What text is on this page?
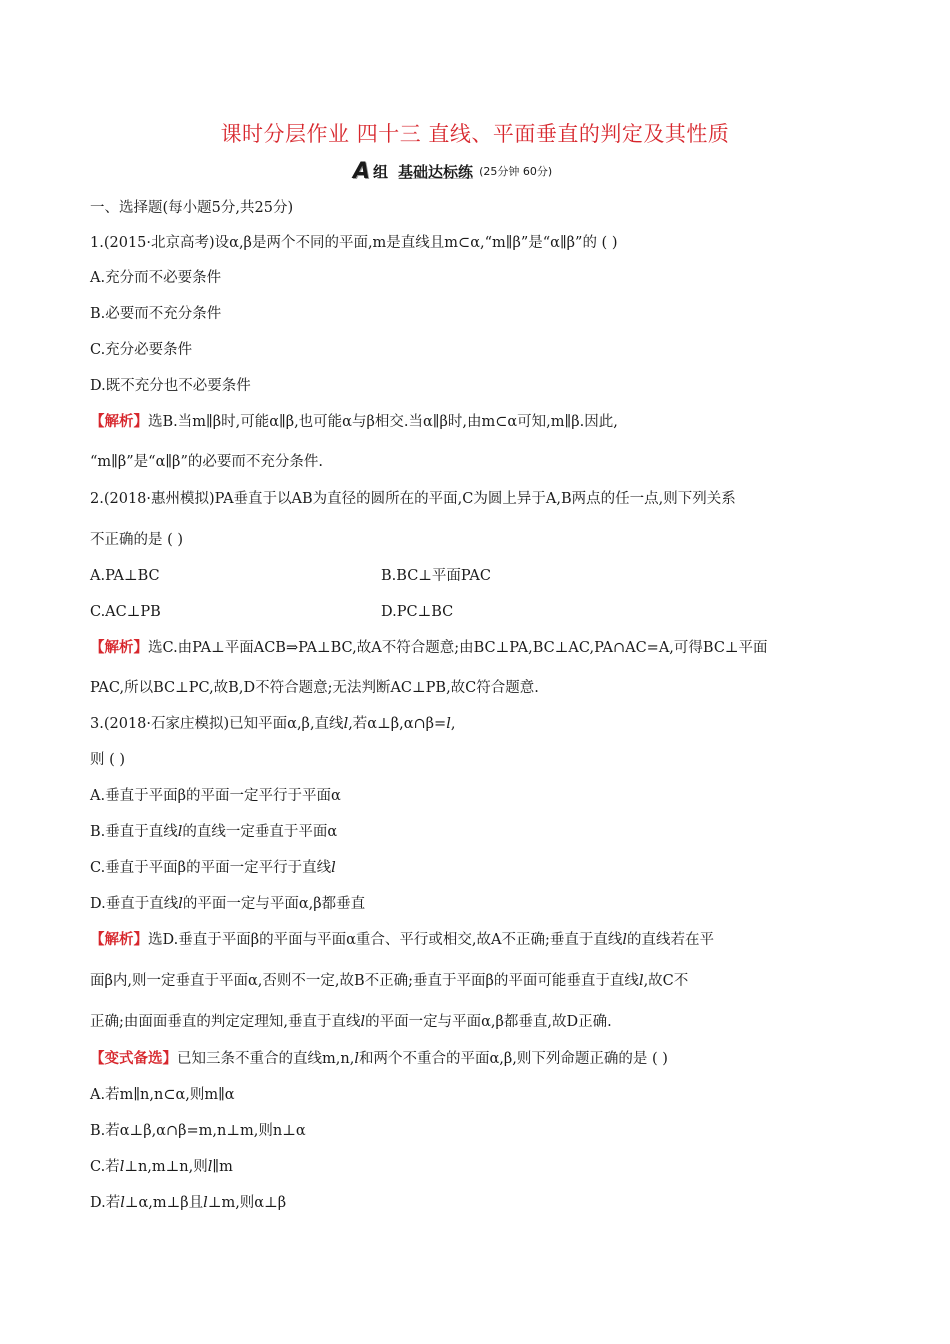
课时分层作业 四十三 直线、平面垂直的判定及其性质
A 组 基础达标练 (25分钟 60分)
一、选择题(每小题5分,共25分)
1.(2015·北京高考)设α,β是两个不同的平面,m是直线且m⊂α,“m∥β”是“α∥β”的 ( )
A.充分而不必要条件
B.必要而不充分条件
C.充分必要条件
D.既不充分也不必要条件
【解析】选B.当m∥β时,可能α∥β,也可能α与β相交.当α∥β时,由m⊂α可知,m∥β.因此,
“m∥β”是“α∥β”的必要而不充分条件.
2.(2018·惠州模拟)PA垂直于以AB为直径的圆所在的平面,C为圆上异于A,B两点的任一点,则下列关系
不正确的是 ( )
A.PA⊥BC	B.BC⊥平面PAC
C.AC⊥PB	D.PC⊥BC
【解析】选C.由PA⊥平面ACB⇒PA⊥BC,故A不符合题意;由BC⊥PA,BC⊥AC,PA∩AC=A,可得BC⊥平面
PAC,所以BC⊥PC,故B,D不符合题意;无法判断AC⊥PB,故C符合题意.
3.(2018·石家庄模拟)已知平面α,β,直线l,若α⊥β,α∩β=l,
则 ( )
A.垂直于平面β的平面一定平行于平面α
B.垂直于直线l的直线一定垂直于平面α
C.垂直于平面β的平面一定平行于直线l
D.垂直于直线l的平面一定与平面α,β都垂直
【解析】选D.垂直于平面β的平面与平面α重合、平行或相交,故A不正确;垂直于直线l的直线若在平
面β内,则一定垂直于平面α,否则不一定,故B不正确;垂直于平面β的平面可能垂直于直线l,故C不
正确;由面面垂直的判定定理知,垂直于直线l的平面一定与平面α,β都垂直,故D正确.
【变式备选】已知三条不重合的直线m,n,l和两个不重合的平面α,β,则下列命题正确的是 ( )
A.若m∥n,n⊂α,则m∥α
B.若α⊥β,α∩β=m,n⊥m,则n⊥α
C.若l⊥n,m⊥n,则l∥m
D.若l⊥α,m⊥β且l⊥m,则α⊥β
